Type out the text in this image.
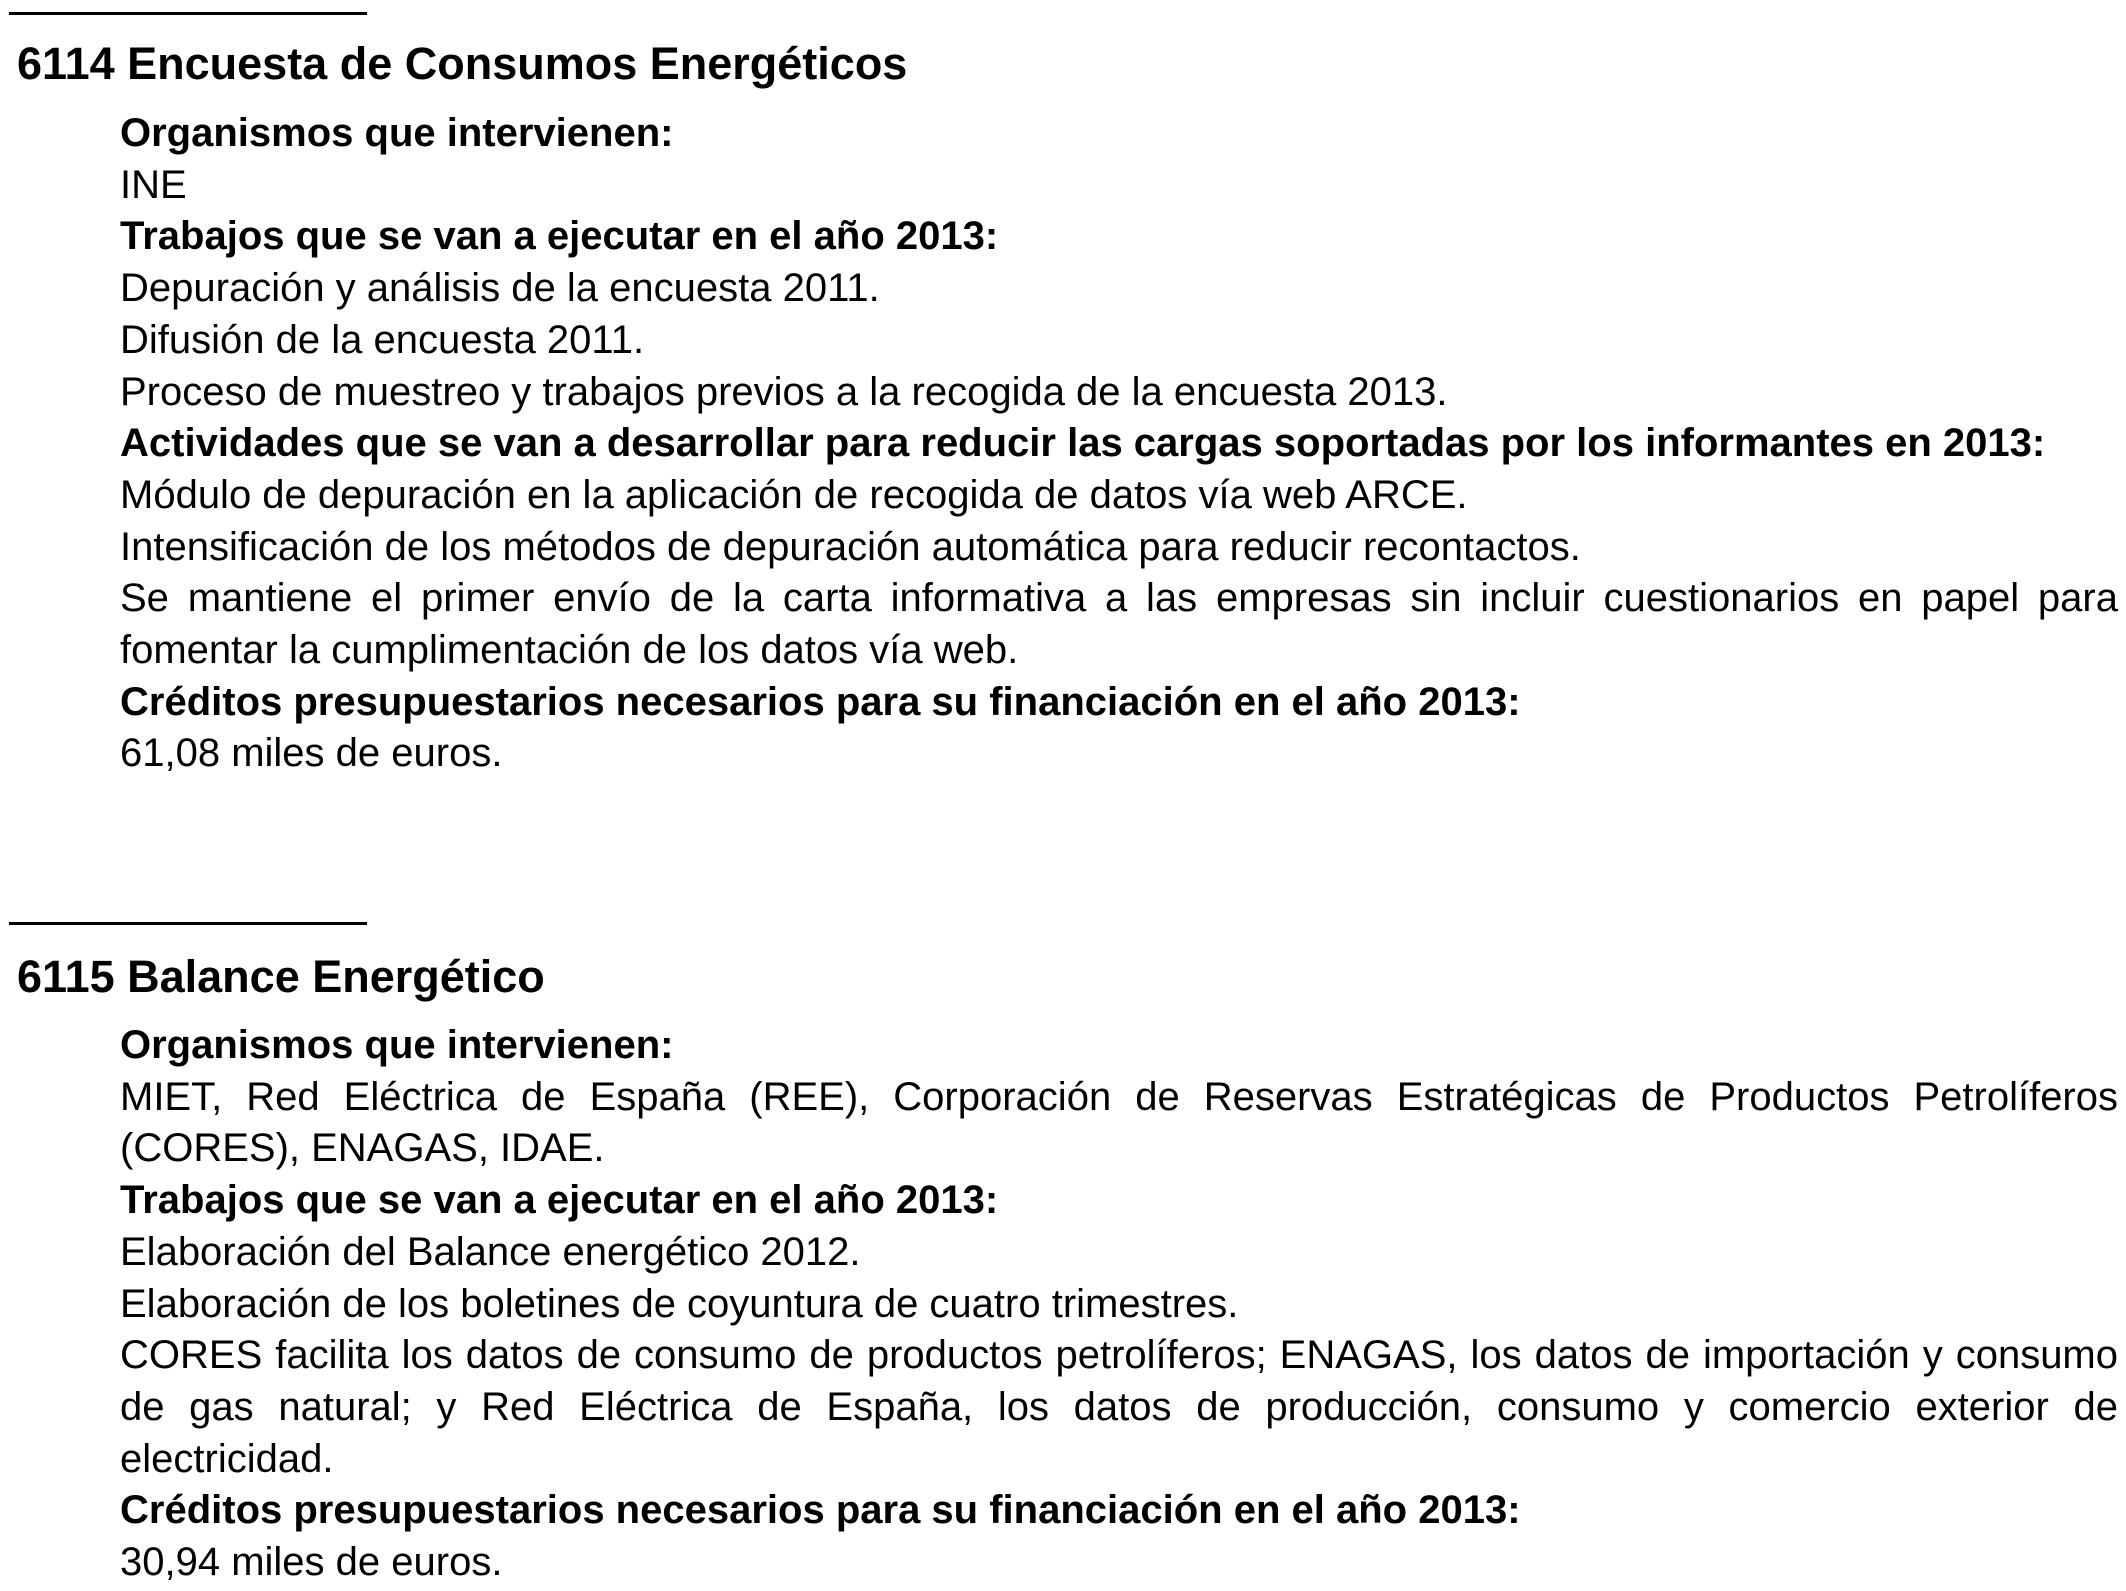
6114 Encuesta de Consumos Energéticos

Organismos que intervienen:

INE

Trabajos que se van a ejecutar en el año 2013:

Depuración y análisis de la encuesta 2011.

Difusión de la encuesta 2011.

Proceso de muestreo y trabajos previos a la recogida de la encuesta 2013.

Actividades que se van a desarrollar para reducir las cargas soportadas por los informantes en 2013:

Módulo de depuración en la aplicación de recogida de datos vía web ARCE.

Intensificación de los métodos de depuración automática para reducir recontactos.

Se mantiene el primer envío de la carta informativa a las empresas sin incluir cuestionarios en papel para fomentar la cumplimentación de los datos vía web.

Créditos presupuestarios necesarios para su financiación en el año 2013:

61,08 miles de euros.

6115 Balance Energético

Organismos que intervienen:

MIET, Red Eléctrica de España (REE), Corporación de Reservas Estratégicas de Productos Petrolíferos (CORES), ENAGAS, IDAE.

Trabajos que se van a ejecutar en el año 2013:

Elaboración del Balance energético 2012.

Elaboración de los boletines de coyuntura de cuatro trimestres.

CORES facilita los datos de consumo de productos petrolíferos; ENAGAS, los datos de importación y consumo de gas natural; y Red Eléctrica de España, los datos de producción, consumo y comercio exterior de electricidad.

Créditos presupuestarios necesarios para su financiación en el año 2013:

30,94 miles de euros.
